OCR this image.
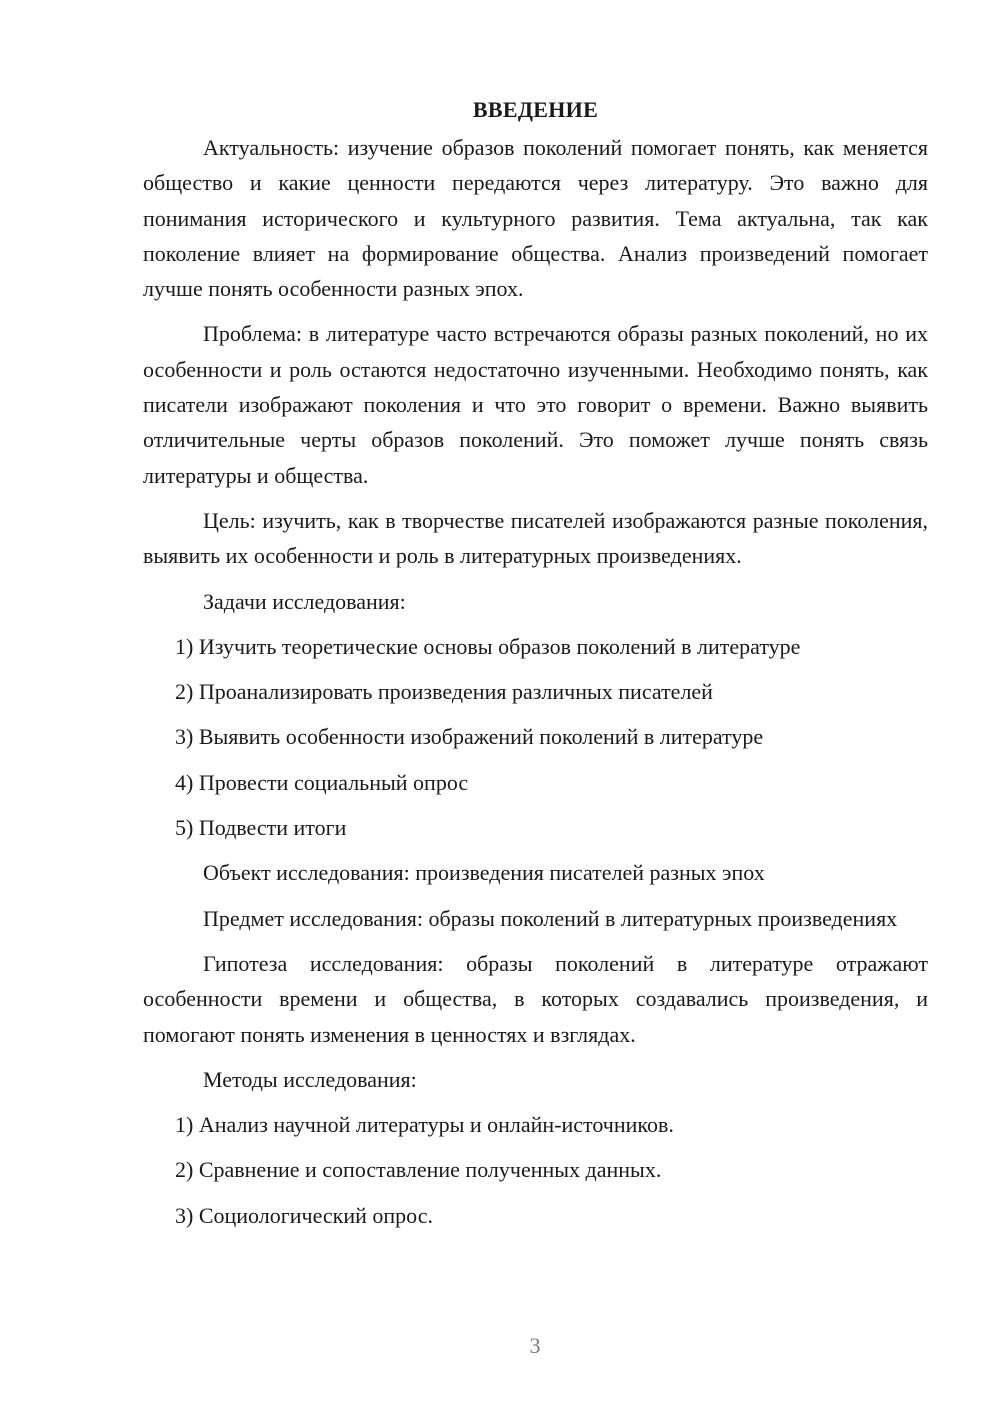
ВВЕДЕНИЕ

Актуальность: изучение образов поколений помогает понять, как меняется общество и какие ценности передаются через литературу. Это важно для понимания исторического и культурного развития. Тема актуальна, так как поколение влияет на формирование общества. Анализ произведений помогает лучше понять особенности разных эпох.

Проблема: в литературе часто встречаются образы разных поколений, но их особенности и роль остаются недостаточно изученными. Необходимо понять, как писатели изображают поколения и что это говорит о времени. Важно выявить отличительные черты образов поколений. Это поможет лучше понять связь литературы и общества.

Цель: изучить, как в творчестве писателей изображаются разные поколения, выявить их особенности и роль в литературных произведениях.

Задачи исследования:

1) Изучить теоретические основы образов поколений в литературе

2) Проанализировать произведения различных писателей

3) Выявить особенности изображений поколений в литературе

4) Провести социальный опрос

5) Подвести итоги

Объект исследования: произведения писателей разных эпох

Предмет исследования: образы поколений в литературных произведениях

Гипотеза исследования: образы поколений в литературе отражают особенности времени и общества, в которых создавались произведения, и помогают понять изменения в ценностях и взглядах.

Методы исследования:

1) Анализ научной литературы и онлайн-источников.

2) Сравнение и сопоставление полученных данных.

3) Социологический опрос.

3
